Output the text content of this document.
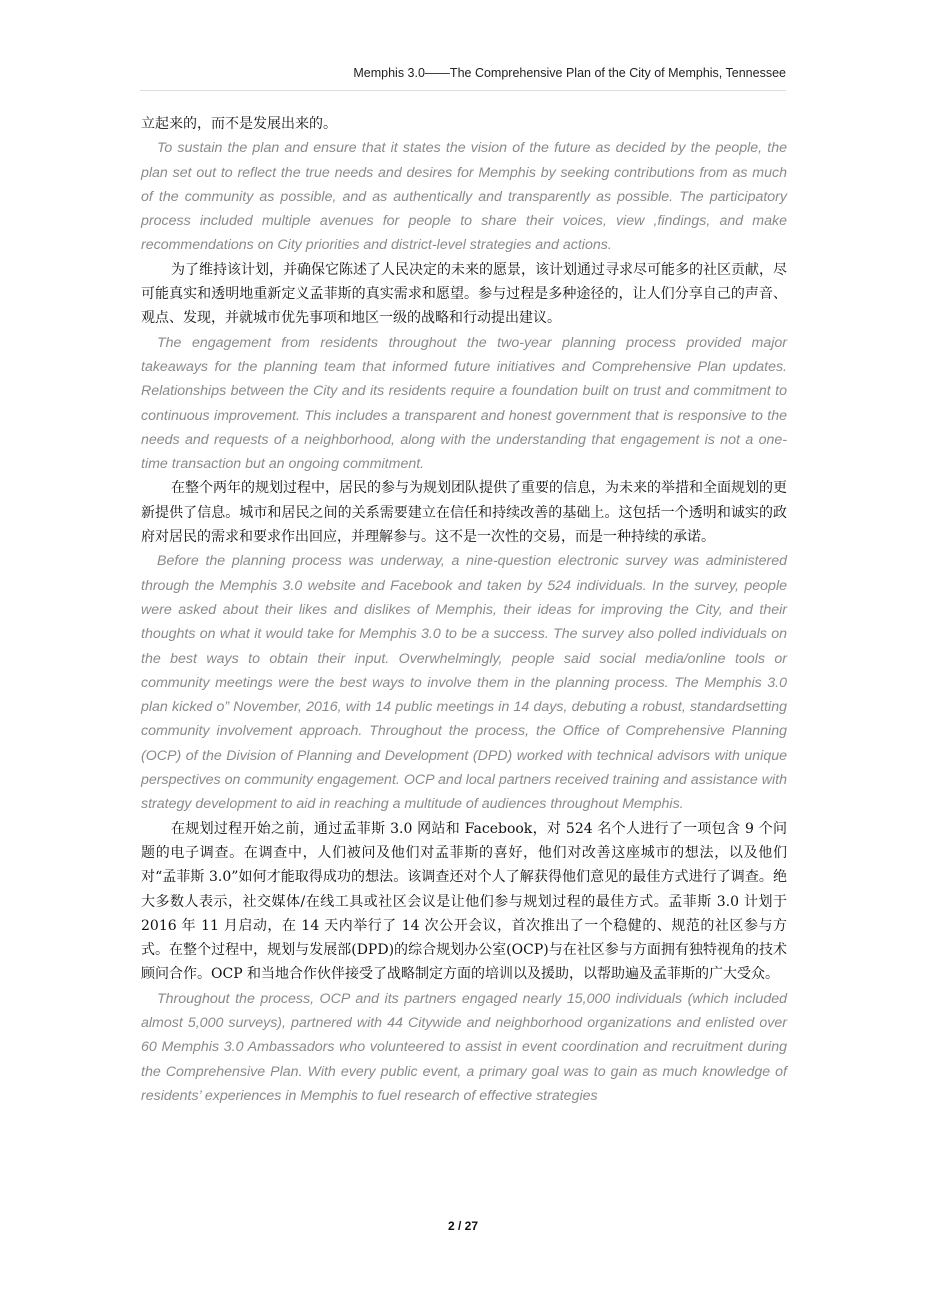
Memphis 3.0——The Comprehensive Plan of the City of Memphis, Tennessee

立起来的，而不是发展出来的。

To sustain the plan and ensure that it states the vision of the future as decided by the people, the plan set out to reflect the true needs and desires for Memphis by seeking contributions from as much of the community as possible, and as authentically and transparently as possible. The participatory process included multiple avenues for people to share their voices, view ,findings, and make recommendations on City priorities and district-level strategies and actions.

为了维持该计划，并确保它陈述了人民决定的未来的愿景，该计划通过寻求尽可能多的社区贡献，尽可能真实和透明地重新定义孟菲斯的真实需求和愿望。参与过程是多种途径的，让人们分享自己的声音、观点、发现，并就城市优先事项和地区一级的战略和行动提出建议。

The engagement from residents throughout the two-year planning process provided major takeaways for the planning team that informed future initiatives and Comprehensive Plan updates. Relationships between the City and its residents require a foundation built on trust and commitment to continuous improvement. This includes a transparent and honest government that is responsive to the needs and requests of a neighborhood, along with the understanding that engagement is not a one-time transaction but an ongoing commitment.

在整个两年的规划过程中，居民的参与为规划团队提供了重要的信息，为未来的举措和全面规划的更新提供了信息。城市和居民之间的关系需要建立在信任和持续改善的基础上。这包括一个透明和诚实的政府对居民的需求和要求作出回应，并理解参与。这不是一次性的交易，而是一种持续的承诺。

Before the planning process was underway, a nine-question electronic survey was administered through the Memphis 3.0 website and Facebook and taken by 524 individuals. In the survey, people were asked about their likes and dislikes of Memphis, their ideas for improving the City, and their thoughts on what it would take for Memphis 3.0 to be a success. The survey also polled individuals on the best ways to obtain their input. Overwhelmingly, people said social media/online tools or community meetings were the best ways to involve them in the planning process. The Memphis 3.0 plan kicked o” November, 2016, with 14 public meetings in 14 days, debuting a robust, standardsetting community involvement approach. Throughout the process, the Office of Comprehensive Planning (OCP) of the Division of Planning and Development (DPD) worked with technical advisors with unique perspectives on community engagement. OCP and local partners received training and assistance with strategy development to aid in reaching a multitude of audiences throughout Memphis.

在规划过程开始之前，通过孟菲斯 3.0 网站和 Facebook，对 524 名个人进行了一项包含 9 个问题的电子调查。在调查中，人们被问及他们对孟菲斯的喜好，他们对改善这座城市的想法，以及他们对“孟菲斯 3.0”如何才能取得成功的想法。该调查还对个人了解获得他们意见的最佳方式进行了调查。绝大多数人表示，社交媒体/在线工具或社区会议是让他们参与规划过程的最佳方式。孟菲斯 3.0 计划于 2016 年 11 月启动，在 14 天内举行了 14 次公开会议，首次推出了一个稳健的、规范的社区参与方式。在整个过程中，规划与发展部(DPD)的综合规划办公室(OCP)与在社区参与方面拥有独特视角的技术顾问合作。OCP 和当地合作伙伴接受了战略制定方面的培训以及援助，以帮助遍及孟菲斯的广大受众。

Throughout the process, OCP and its partners engaged nearly 15,000 individuals (which included almost 5,000 surveys), partnered with 44 Citywide and neighborhood organizations and enlisted over 60 Memphis 3.0 Ambassadors who volunteered to assist in event coordination and recruitment during the Comprehensive Plan. With every public event, a primary goal was to gain as much knowledge of residents’ experiences in Memphis to fuel research of effective strategies

2 / 27
